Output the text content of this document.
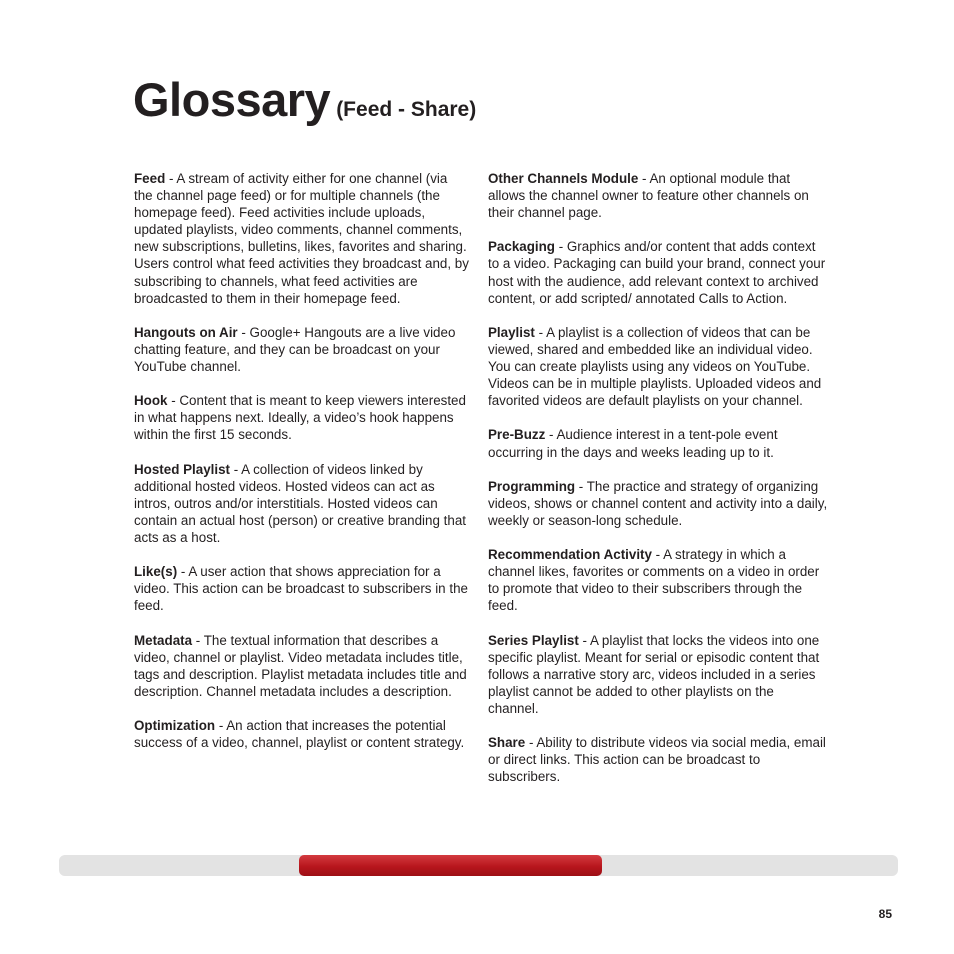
Glossary (Feed - Share)

Feed - A stream of activity either for one channel (via the channel page feed) or for multiple channels (the homepage feed). Feed activities include uploads, updated playlists, video comments, channel comments, new subscriptions, bulletins, likes, favorites and sharing. Users control what feed activities they broadcast and, by subscribing to channels, what feed activities are broadcasted to them in their homepage feed.

Hangouts on Air - Google+ Hangouts are a live video chatting feature, and they can be broadcast on your YouTube channel.

Hook - Content that is meant to keep viewers interested in what happens next. Ideally, a video’s hook happens within the first 15 seconds.

Hosted Playlist - A collection of videos linked by additional hosted videos. Hosted videos can act as intros, outros and/or interstitials. Hosted videos can contain an actual host (person) or creative branding that acts as a host.

Like(s) - A user action that shows appreciation for a video. This action can be broadcast to subscribers in the feed.

Metadata - The textual information that describes a video, channel or playlist. Video metadata includes title, tags and description. Playlist metadata includes title and description. Channel metadata includes a description.

Optimization - An action that increases the potential success of a video, channel, playlist or content strategy.

Other Channels Module - An optional module that allows the channel owner to feature other channels on their channel page.

Packaging - Graphics and/or content that adds context to a video. Packaging can build your brand, connect your host with the audience, add relevant context to archived content, or add scripted/ annotated Calls to Action.

Playlist - A playlist is a collection of videos that can be viewed, shared and embedded like an individual video. You can create playlists using any videos on YouTube. Videos can be in multiple playlists. Uploaded videos and favorited videos are default playlists on your channel.

Pre-Buzz - Audience interest in a tent-pole event occurring in the days and weeks leading up to it.

Programming - The practice and strategy of organizing videos, shows or channel content and activity into a daily, weekly or season-long schedule.

Recommendation Activity - A strategy in which a channel likes, favorites or comments on a video in order to promote that video to their subscribers through the feed.

Series Playlist - A playlist that locks the videos into one specific playlist. Meant for serial or episodic content that follows a narrative story arc, videos included in a series playlist cannot be added to other playlists on the channel.

Share - Ability to distribute videos via social media, email or direct links. This action can be broadcast to subscribers.

85
